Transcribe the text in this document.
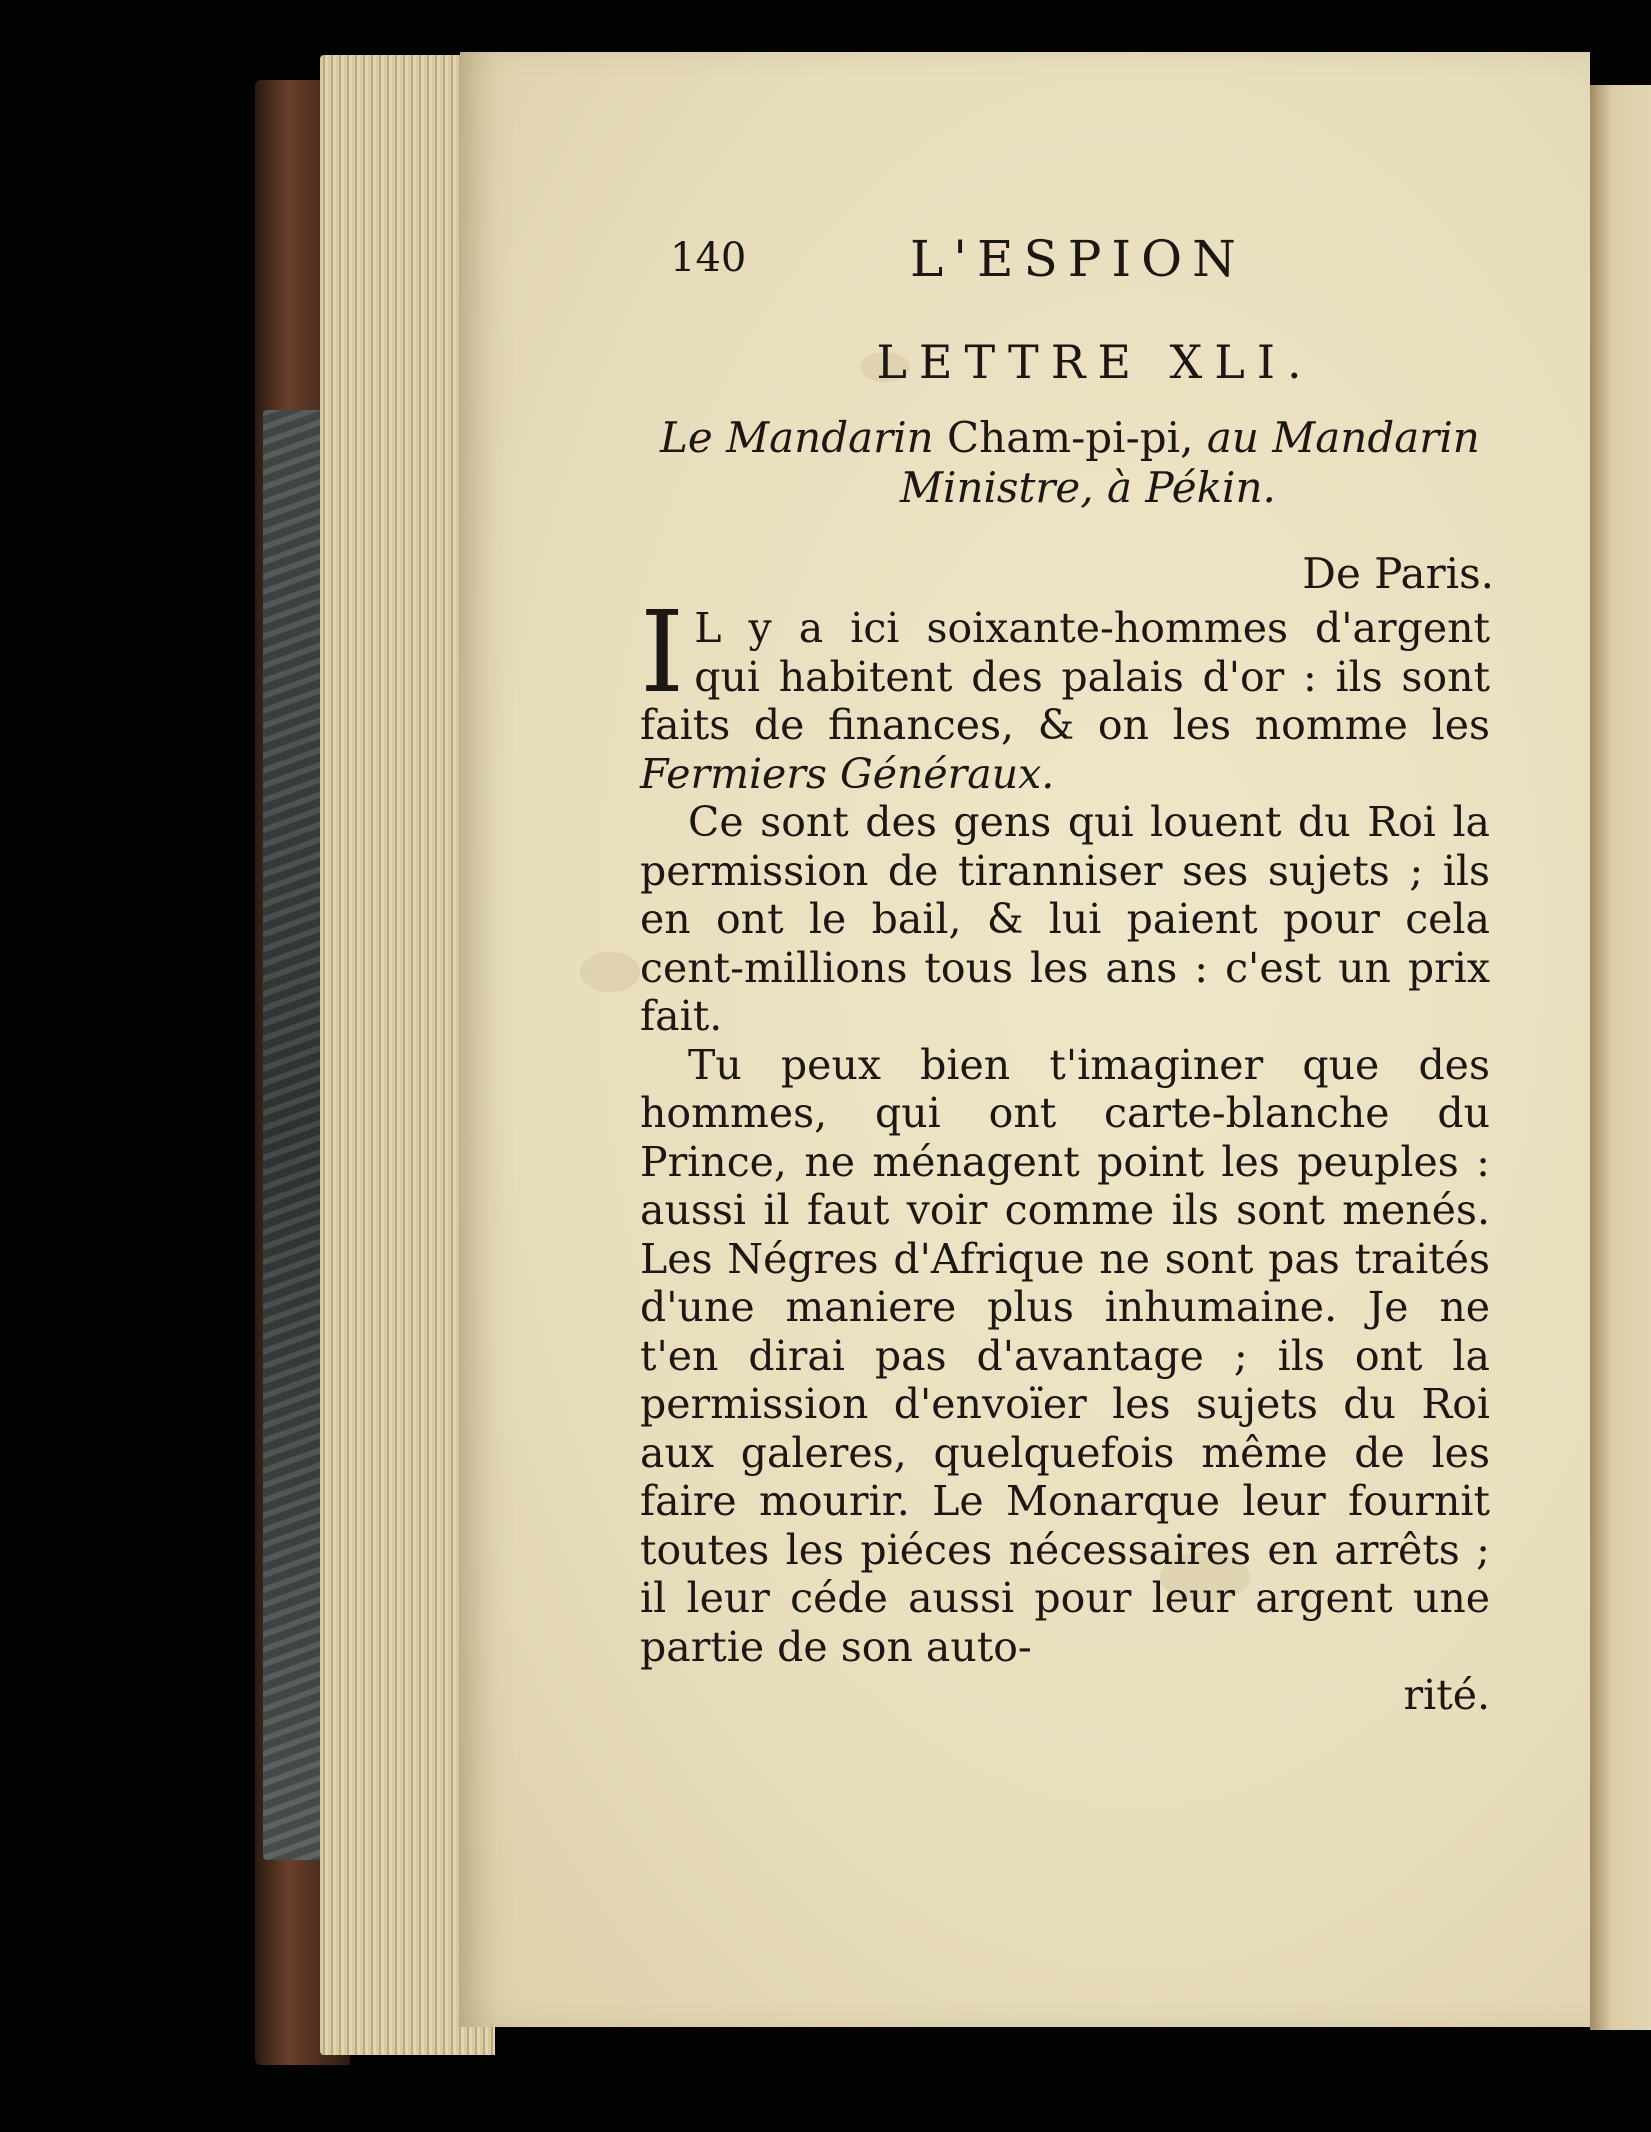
140	L'ESPION
LETTRE XLI.
Le Mandarin Cham-pi-pi, au Mandarin
Ministre, à Pékin.
De Paris.

I L y a ici soixante-hommes d'argent qui habitent des palais d'or : ils sont faits de finances, & on les nomme les Fermiers Généraux.

Ce sont des gens qui louent du Roi la permission de tiranniser ses sujets ; ils en ont le bail, & lui paient pour cela cent-millions tous les ans : c'est un prix fait.

Tu peux bien t'imaginer que des hommes, qui ont carte-blanche du Prince, ne ménagent point les peuples : aussi il faut voir comme ils sont menés. Les Négres d'Afrique ne sont pas traités d'une maniere plus inhumaine. Je ne t'en dirai pas d'avantage ; ils ont la permission d'envoïer les sujets du Roi aux galeres, quelquefois même de les faire mourir. Le Monarque leur fournit toutes les piéces nécessaires en arrêts ; il leur céde aussi pour leur argent une partie de son auto-
rité.
